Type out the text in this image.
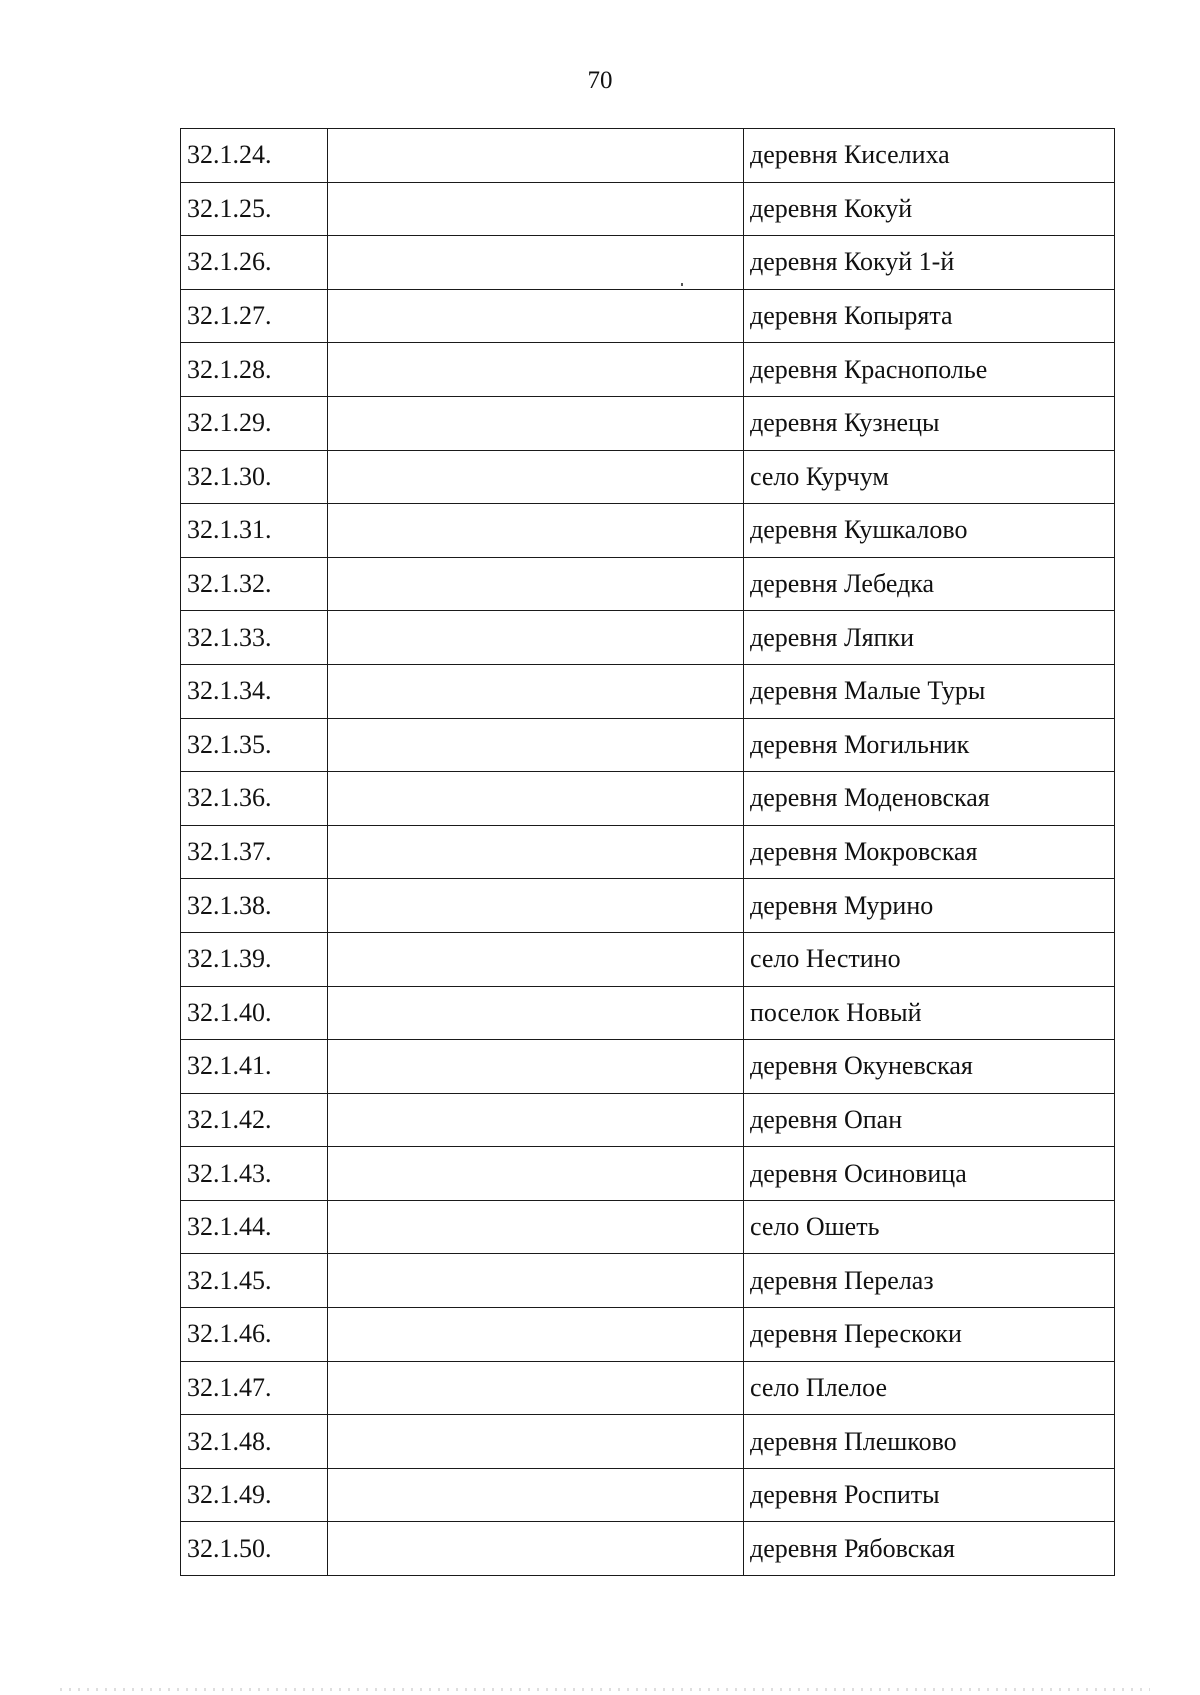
70
32.1.24.		деревня Киселиха
32.1.25.		деревня Кокуй
32.1.26.		деревня Кокуй 1-й
32.1.27.		деревня Копырята
32.1.28.		деревня Краснополье
32.1.29.		деревня Кузнецы
32.1.30.		село Курчум
32.1.31.		деревня Кушкалово
32.1.32.		деревня Лебедка
32.1.33.		деревня Ляпки
32.1.34.		деревня Малые Туры
32.1.35.		деревня Могильник
32.1.36.		деревня Моденовская
32.1.37.		деревня Мокровская
32.1.38.		деревня Мурино
32.1.39.		село Нестино
32.1.40.		поселок Новый
32.1.41.		деревня Окуневская
32.1.42.		деревня Опан
32.1.43.		деревня Осиновица
32.1.44.		село Ошеть
32.1.45.		деревня Перелаз
32.1.46.		деревня Перескоки
32.1.47.		село Плелое
32.1.48.		деревня Плешково
32.1.49.		деревня Роспиты
32.1.50.		деревня Рябовская
